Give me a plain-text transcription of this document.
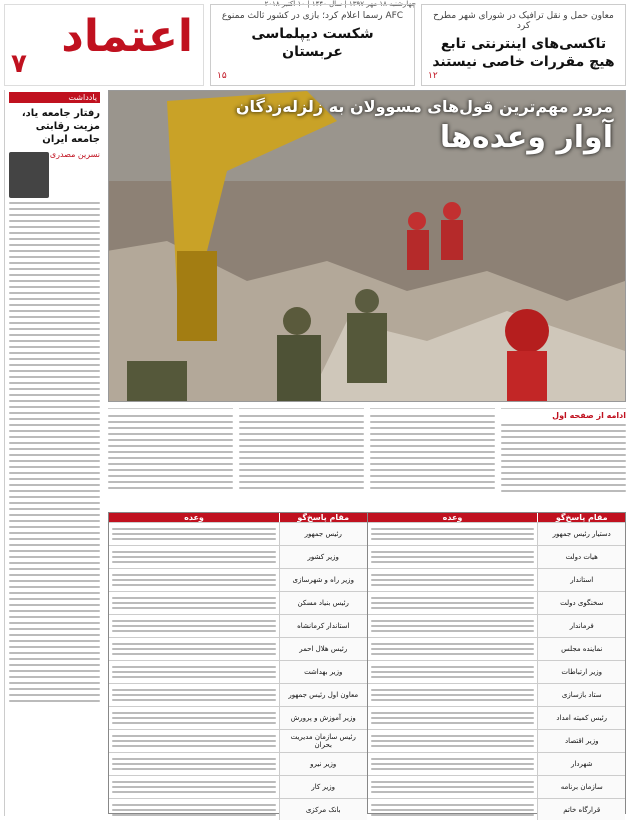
چهارشنبه ۱۸ مهر ۱۳۹۷ | سال ۱۴۴۰ | ۱۰ اکتبر ۲۰۱۸
اعتماد
۷
AFC رسما اعلام کرد؛ بازی در کشور ثالث ممنوع
شکست دیپلماسی عربستان
۱۵
معاون حمل و نقل ترافیک در شورای شهر مطرح کرد
تاکسی‌های اینترنتی تابع هیچ مقررات خاصی نیستند
۱۲
یادداشت
رفتار جامعه یاد، مزیت رقابتی جامعه ایران
نسرین مصدری
مرور مهم‌ترین قول‌های مسوولان به زلزله‌زدگان
آوار وعده‌ها
ادامه از صفحه اول
مقام پاسخ‌گو
وعده
دستیار رئیس جمهور
هیات دولت
استاندار
سخنگوی دولت
فرماندار
نماینده مجلس
وزیر ارتباطات
ستاد بازسازی
رئیس کمیته امداد
وزیر اقتصاد
شهردار
سازمان برنامه
قرارگاه خاتم
مقام پاسخ‌گو
وعده
رئیس جمهور
وزیر کشور
وزیر راه و شهرسازی
رئیس بنیاد مسکن
استاندار کرمانشاه
رئیس هلال احمر
وزیر بهداشت
معاون اول رئیس جمهور
وزیر آموزش و پرورش
رئیس سازمان مدیریت بحران
وزیر نیرو
وزیر کار
بانک مرکزی
